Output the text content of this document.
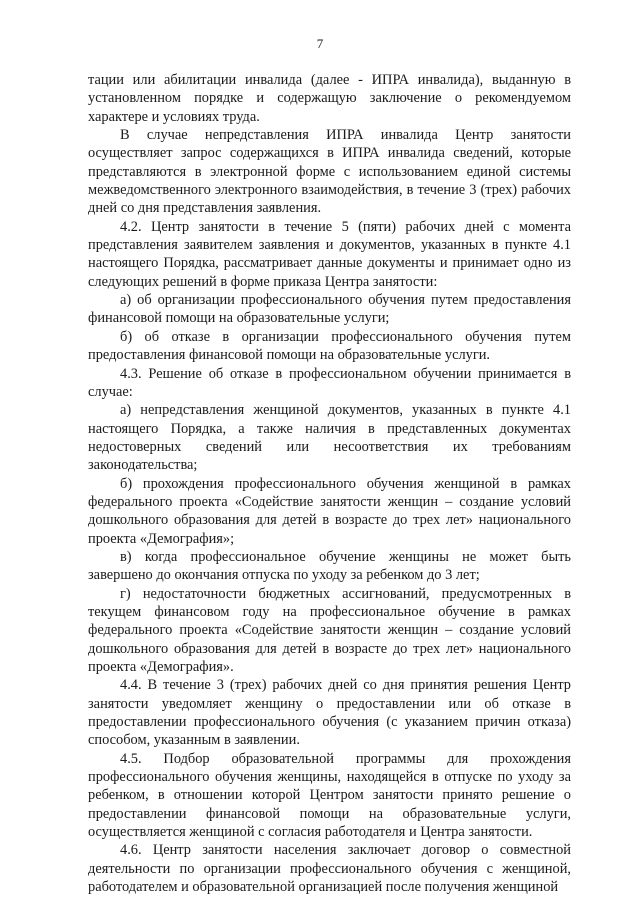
7

тации или абилитации инвалида (далее - ИПРА инвалида), выданную в установленном порядке и содержащую заключение о рекомендуемом характере и условиях труда.

В случае непредставления ИПРА инвалида Центр занятости осуществляет запрос содержащихся в ИПРА инвалида сведений, которые представляются в электронной форме с использованием единой системы межведомственного электронного взаимодействия, в течение 3 (трех) рабочих дней со дня представления заявления.

4.2. Центр занятости в течение 5 (пяти) рабочих дней с момента представления заявителем заявления и документов, указанных в пункте 4.1 настоящего Порядка, рассматривает данные документы и принимает одно из следующих решений в форме приказа Центра занятости:

а) об организации профессионального обучения путем предоставления финансовой помощи на образовательные услуги;

б) об отказе в организации профессионального обучения путем предоставления финансовой помощи на образовательные услуги.

4.3. Решение об отказе в профессиональном обучении принимается в случае:

а) непредставления женщиной документов, указанных в пункте 4.1 настоящего Порядка, а также наличия в представленных документах недостоверных сведений или несоответствия их требованиям законодательства;

б) прохождения профессионального обучения женщиной в рамках федерального проекта «Содействие занятости женщин – создание условий дошкольного образования для детей в возрасте до трех лет» национального проекта «Демография»;

в) когда профессиональное обучение женщины не может быть завершено до окончания отпуска по уходу за ребенком до 3 лет;

г) недостаточности бюджетных ассигнований, предусмотренных в текущем финансовом году на профессиональное обучение в рамках федерального проекта «Содействие занятости женщин – создание условий дошкольного образования для детей в возрасте до трех лет» национального проекта «Демография».

4.4. В течение 3 (трех) рабочих дней со дня принятия решения Центр занятости уведомляет женщину о предоставлении или об отказе в предоставлении профессионального обучения (с указанием причин отказа) способом, указанным в заявлении.

4.5. Подбор образовательной программы для прохождения профессионального обучения женщины, находящейся в отпуске по уходу за ребенком, в отношении которой Центром занятости принято решение о предоставлении финансовой помощи на образовательные услуги, осуществляется женщиной с согласия работодателя и Центра занятости.

4.6. Центр занятости населения заключает договор о совместной деятельности по организации профессионального обучения с женщиной, работодателем и образовательной организацией после получения женщиной
